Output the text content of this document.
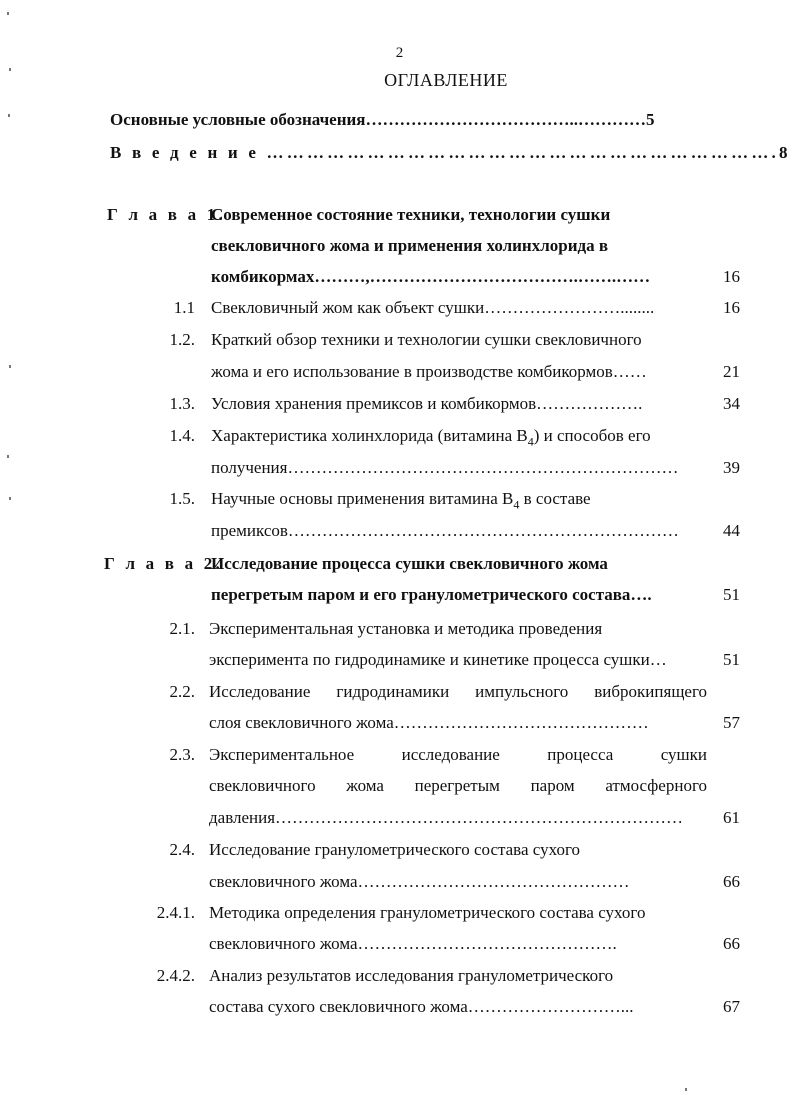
2
ОГЛАВЛЕНИЕ
Основные условные обозначения………………………………..…………5
В в е д е н и е ………………………………………………………………….8
Г л а в а 1.
Современное состояние техники, технологии сушки
свекловичного жома и применения холинхлорида в
комбикормах………,……………………………….…….……	16
1.1 Свекловичный жом как объект сушки……………………........	16
1.2. Краткий обзор техники и технологии сушки свекловичного
жома и его использование в производстве комбикормов……	21
1.3. Условия хранения премиксов и комбикормов……………….	34
1.4. Характеристика холинхлорида (витамина $В_4$) и способов его
получения……………………………………………………………	39
1.5. Научные основы применения витамина $В_4$ в составе
премиксов……………………………………………………………	44
Г л а в а 2.
Исследование процесса сушки свекловичного жома
перегретым паром и его гранулометрического состава….	51
2.1. Экспериментальная установка и методика проведения
эксперимента по гидродинамике и кинетике процесса сушки…	51
2.2. Исследование гидродинамики импульсного виброкипящего
слоя свекловичного жома………………………………………	57
2.3. Экспериментальное	исследование	процесса	сушки
свекловичного жома перегретым паром атмосферного
давления………………………………………………………………	61
2.4. Исследование гранулометрического состава сухого
свекловичного жома…………………………………………	66
2.4.1. Методика определения гранулометрического состава сухого
свекловичного жома……………………………………….	66
2.4.2. Анализ результатов исследования гранулометрического
состава сухого свекловичного жома………………………...	67
